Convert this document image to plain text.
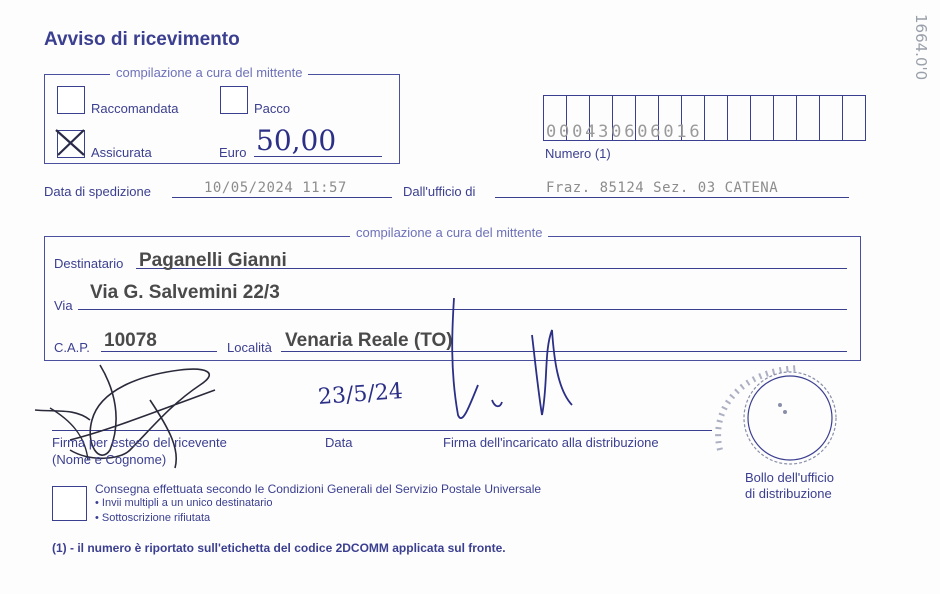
Avviso di ricevimento	1664.0'0
compilazione a cura del mittente
Raccomandata	Pacco
Assicurata	Euro 50,00	000430606016
Numero (1)
Data di spedizione	10/05/2024 11:57	Dall'ufficio di	Fraz. 85124 Sez. 03 CATENA
compilazione a cura del mittente
Destinatario Paganelli Gianni
Via
Via G. Salvemini 22/3
C.A.P. 10078	Località Venaria Reale (TO)
23/5/24
Firma per esteso del ricevente
(Nome e Cognome)
Data	Firma dell'incaricato alla distribuzione
Bollo dell'ufficio
di distribuzione
Consegna effettuata secondo le Condizioni Generali del Servizio Postale Universale
• Invii multipli a un unico destinatario
• Sottoscrizione rifiutata
(1) - il numero è riportato sull'etichetta del codice 2DCOMM applicata sul fronte.
